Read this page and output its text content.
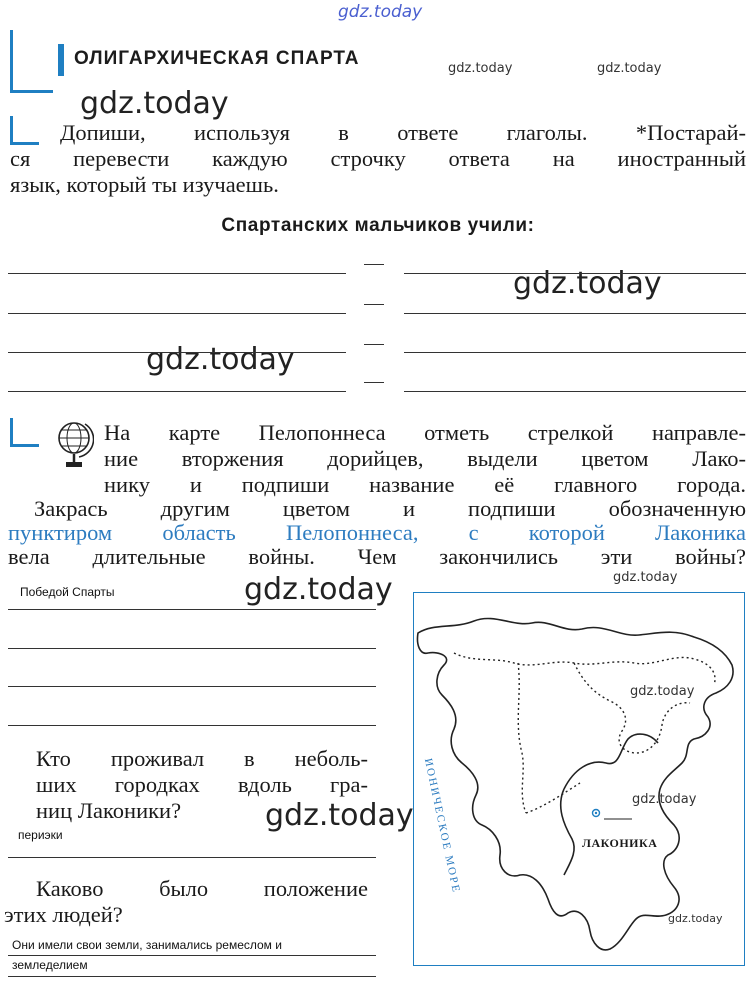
gdz.today
gdz.today	gdz.today
gdz.today
gdz.today
gdz.today
gdz.today	gdz.today
gdz.today
gdz.today
gdz.today
gdz.today
ОЛИГАРХИЧЕСКАЯ СПАРТА
Допиши, используя в ответе глаголы. *Постарай-
ся перевести каждую строчку ответа на иностранный
язык, который ты изучаешь.
Спартанских мальчиков учили:
На карте Пелопоннеса отметь стрелкой направле-
ние вторжения дорийцев, выдели цветом Лако-
нику и подпиши название её главного города.
Закрась другим цветом и подпиши обозначенную
пунктиром область Пелопоннеса, с которой Лаконика
вела длительные войны. Чем закончились эти войны?
Победой Спарты
Кто проживал в неболь-
ших городках вдоль гра-
ниц Лаконики?
периэки
Каково было положение
этих людей?
Они имели свои земли, занимались ремеслом и
земледелием
ЛАКОНИКА
ИОНИЧЕСКОЕ МОРЕ
